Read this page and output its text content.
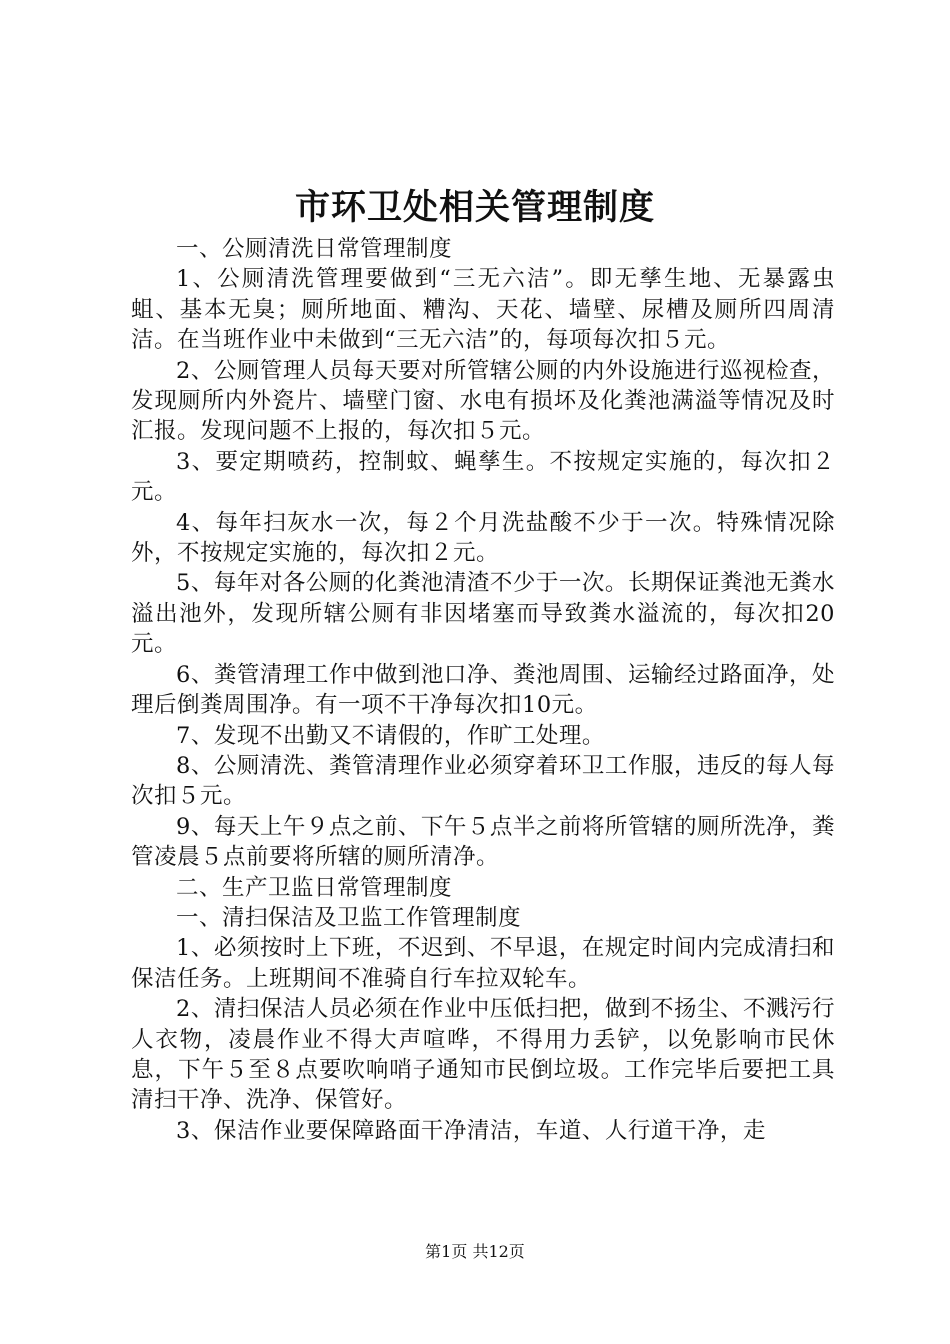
市环卫处相关管理制度

一、公厕清洗日常管理制度

1、公厕清洗管理要做到“三无六洁”。即无孳生地、无暴露虫蛆、基本无臭；厕所地面、糟沟、天花、墙壁、尿槽及厕所四周清洁。在当班作业中未做到“三无六洁”的，每项每次扣５元。

2、公厕管理人员每天要对所管辖公厕的内外设施进行巡视检查，发现厕所内外瓷片、墙壁门窗、水电有损坏及化粪池满溢等情况及时汇报。发现问题不上报的，每次扣５元。

3、要定期喷药，控制蚊、蝇孳生。不按规定实施的，每次扣２元。

4、每年扫灰水一次，每２个月洗盐酸不少于一次。特殊情况除外，不按规定实施的，每次扣２元。

5、每年对各公厕的化粪池清渣不少于一次。长期保证粪池无粪水溢出池外，发现所辖公厕有非因堵塞而导致粪水溢流的，每次扣20元。

6、粪管清理工作中做到池口净、粪池周围、运输经过路面净，处理后倒粪周围净。有一项不干净每次扣10元。

7、发现不出勤又不请假的，作旷工处理。

8、公厕清洗、粪管清理作业必须穿着环卫工作服，违反的每人每次扣５元。

9、每天上午９点之前、下午５点半之前将所管辖的厕所洗净，粪管凌晨５点前要将所辖的厕所清净。

二、生产卫监日常管理制度

一、清扫保洁及卫监工作管理制度

1、必须按时上下班，不迟到、不早退，在规定时间内完成清扫和保洁任务。上班期间不准骑自行车拉双轮车。

2、清扫保洁人员必须在作业中压低扫把，做到不扬尘、不溅污行人衣物，凌晨作业不得大声喧哗，不得用力丢铲，以免影响市民休息，下午５至８点要吹响哨子通知市民倒垃圾。工作完毕后要把工具清扫干净、洗净、保管好。

3、保洁作业要保障路面干净清洁，车道、人行道干净，走

第1页 共12页
